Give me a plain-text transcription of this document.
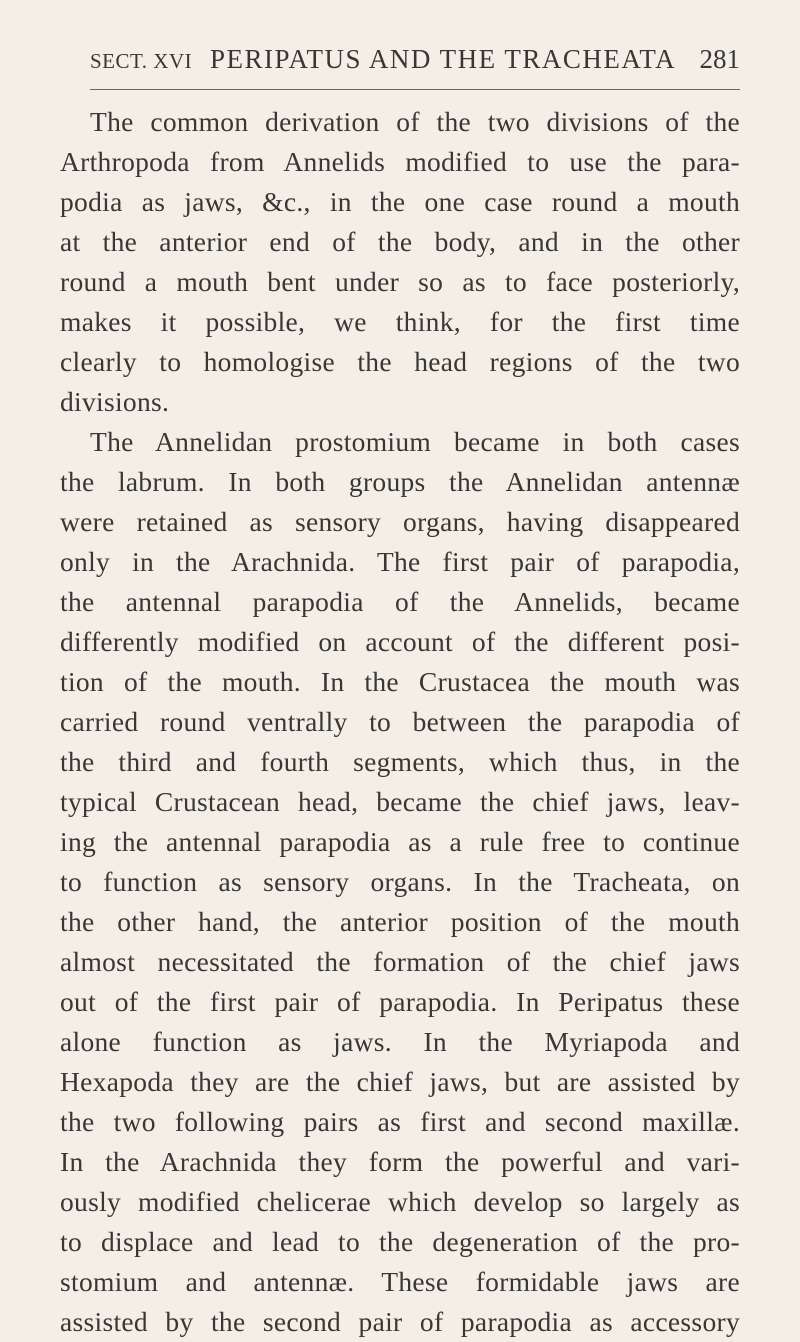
SECT. XVI PERIPATUS AND THE TRACHEATA 281
The common derivation of the two divisions of the
Arthropoda from Annelids modified to use the para-
podia as jaws, &c., in the one case round a mouth
at the anterior end of the body, and in the other
round a mouth bent under so as to face posteriorly,
makes it possible, we think, for the first time
clearly to homologise the head regions of the two
divisions.
The Annelidan prostomium became in both cases
the labrum. In both groups the Annelidan antennæ
were retained as sensory organs, having disappeared
only in the Arachnida. The first pair of parapodia,
the antennal parapodia of the Annelids, became
differently modified on account of the different posi-
tion of the mouth. In the Crustacea the mouth was
carried round ventrally to between the parapodia of
the third and fourth segments, which thus, in the
typical Crustacean head, became the chief jaws, leav-
ing the antennal parapodia as a rule free to continue
to function as sensory organs. In the Tracheata, on
the other hand, the anterior position of the mouth
almost necessitated the formation of the chief jaws
out of the first pair of parapodia. In Peripatus these
alone function as jaws. In the Myriapoda and
Hexapoda they are the chief jaws, but are assisted by
the two following pairs as first and second maxillæ.
In the Arachnida they form the powerful and vari-
ously modified chelicerae which develop so largely as
to displace and lead to the degeneration of the pro-
stomium and antennæ. These formidable jaws are
assisted by the second pair of parapodia as accessory
